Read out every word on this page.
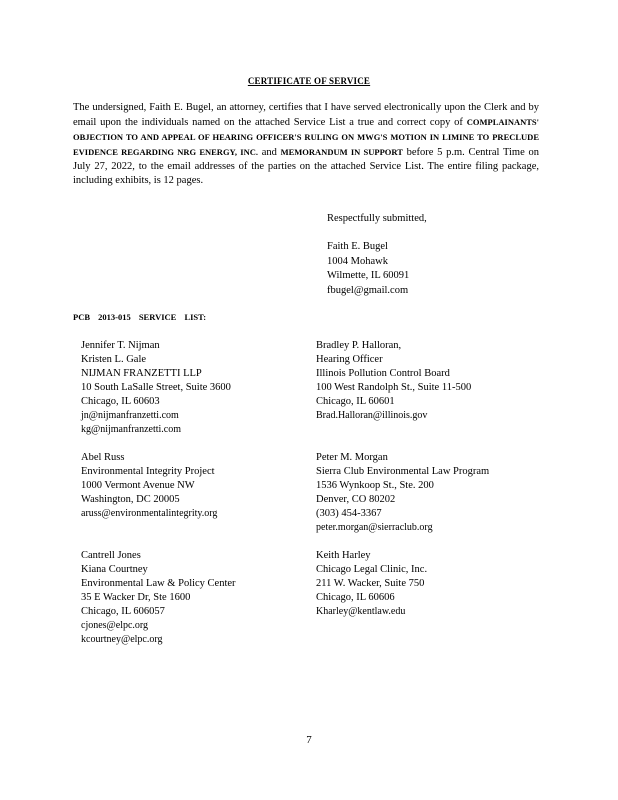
CERTIFICATE OF SERVICE
The undersigned, Faith E. Bugel, an attorney, certifies that I have served electronically upon the Clerk and by email upon the individuals named on the attached Service List a true and correct copy of COMPLAINANTS' OBJECTION TO AND APPEAL OF HEARING OFFICER'S RULING ON MWG'S MOTION IN LIMINE TO PRECLUDE EVIDENCE REGARDING NRG ENERGY, INC. and MEMORANDUM IN SUPPORT before 5 p.m. Central Time on July 27, 2022, to the email addresses of the parties on the attached Service List. The entire filing package, including exhibits, is 12 pages.
Respectfully submitted,
Faith E. Bugel
1004 Mohawk
Wilmette, IL 60091
fbugel@gmail.com
PCB 2013-015 SERVICE LIST:
Jennifer T. Nijman
Kristen L. Gale
NIJMAN FRANZETTI LLP
10 South LaSalle Street, Suite 3600
Chicago, IL 60603
jn@nijmanfranzetti.com
kg@nijmanfranzetti.com
Bradley P. Halloran,
Hearing Officer
Illinois Pollution Control Board
100 West Randolph St., Suite 11-500
Chicago, IL 60601
Brad.Halloran@illinois.gov
Abel Russ
Environmental Integrity Project
1000 Vermont Avenue NW
Washington, DC 20005
aruss@environmentalintegrity.org
Peter M. Morgan
Sierra Club Environmental Law Program
1536 Wynkoop St., Ste. 200
Denver, CO 80202
(303) 454-3367
peter.morgan@sierraclub.org
Cantrell Jones
Kiana Courtney
Environmental Law & Policy Center
35 E Wacker Dr, Ste 1600
Chicago, IL 606057
cjones@elpc.org
kcourtney@elpc.org
Keith Harley
Chicago Legal Clinic, Inc.
211 W. Wacker, Suite 750
Chicago, IL 60606
Kharley@kentlaw.edu
7
